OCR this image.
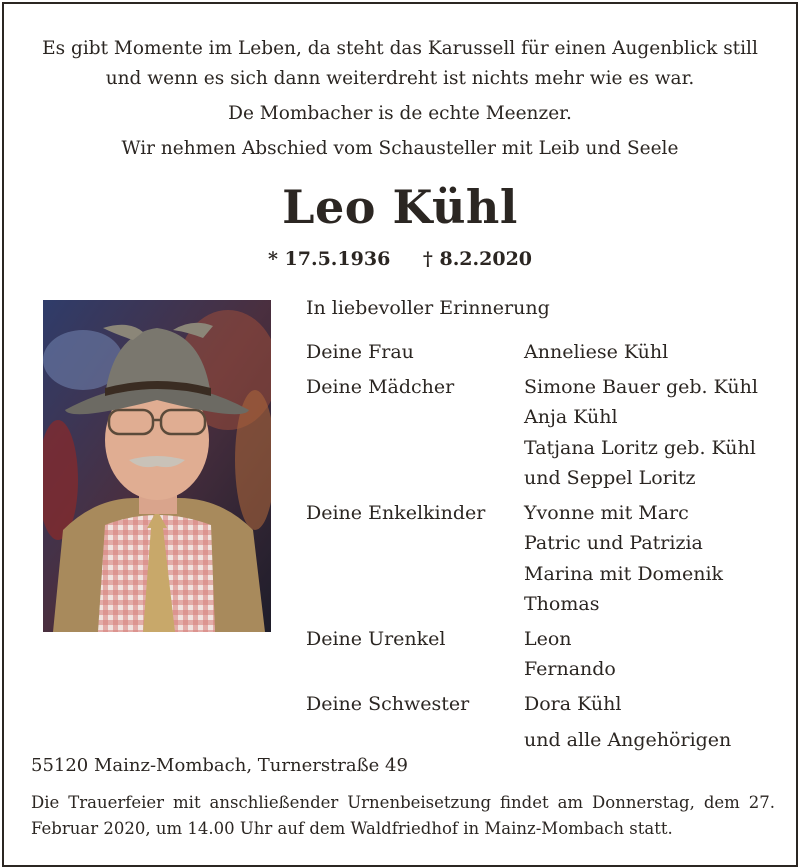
Es gibt Momente im Leben, da steht das Karussell für einen Augenblick still
und wenn es sich dann weiterdreht ist nichts mehr wie es war.
De Mombacher is de echte Meenzer.
Wir nehmen Abschied vom Schausteller mit Leib und Seele
Leo Kühl
* 17.5.1936 † 8.2.2020
In liebevoller Erinnerung
Deine Frau	Anneliese Kühl
Deine Mädcher	Simone Bauer geb. Kühl
Anja Kühl
Tatjana Loritz geb. Kühl
und Seppel Loritz
Deine Enkelkinder	Yvonne mit Marc
Patric und Patrizia
Marina mit Domenik
Thomas
Deine Urenkel	Leon
Fernando
Deine Schwester	Dora Kühl
und alle Angehörigen
55120 Mainz-Mombach, Turnerstraße 49
Die Trauerfeier mit anschließender Urnenbeisetzung findet am Donnerstag, dem 27. Februar 2020, um 14.00 Uhr auf dem Waldfriedhof in Mainz-Mombach statt.
